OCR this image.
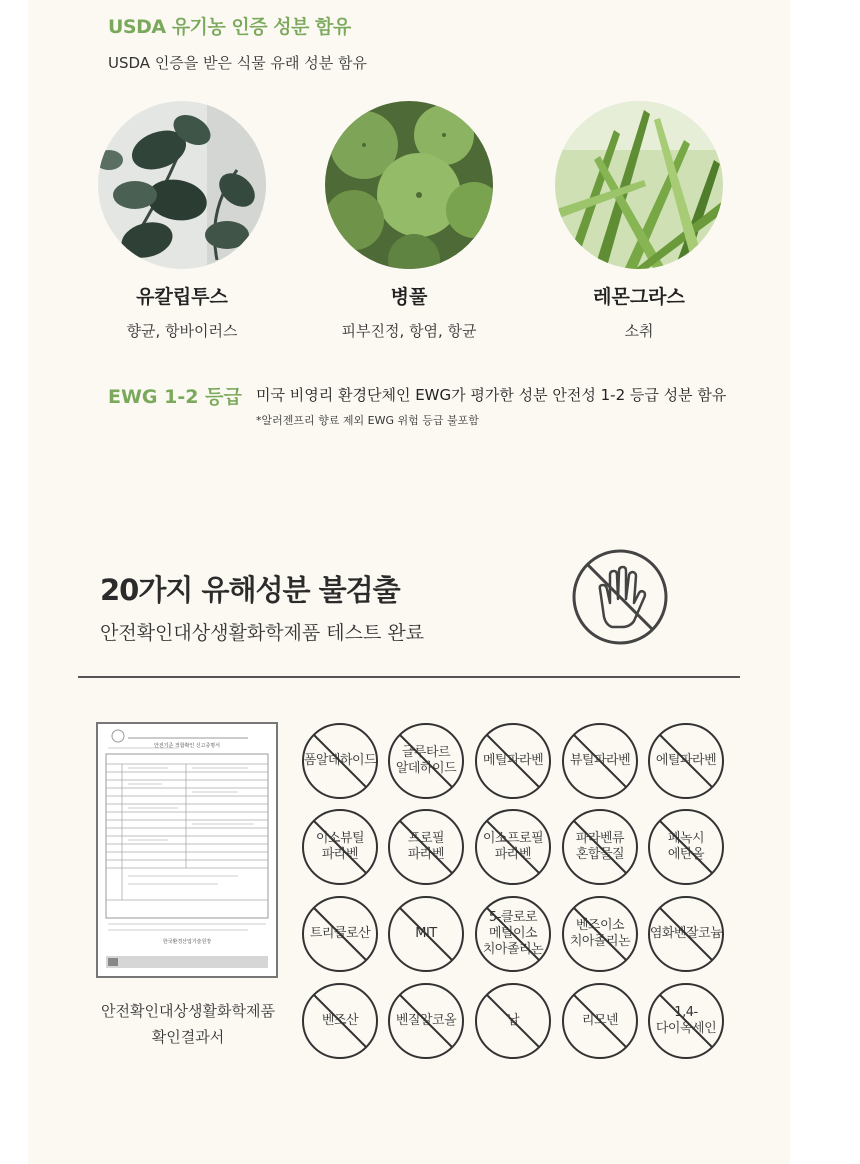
USDA 유기농 인증 성분 함유
USDA 인증을 받은 식물 유래 성분 함유
유칼립투스
향균, 항바이러스
병풀
피부진정, 항염, 항균
레몬그라스
소취
EWG 1-2 등급 미국 비영리 환경단체인 EWG가 평가한 성분 안전성 1-2 등급 성분 함유
*알러젠프리 향료 제외 EWG 위험 등급 불포함
20가지 유해성분 불검출
안전확인대상생활화학제품 테스트 완료
안전기준 적합확인 신고증명서
한국환경산업기술원장
안전확인대상생활화학제품
확인결과서
폼알데하이드
글루타르
알데하이드
메틸파라벤	뷰틸파라벤	에틸파라벤
이소뷰틸
파라벤
프로필
파라벤
이소프로필
파라벤
파라벤류
혼합물질
페녹시
에탄올
트리클로산	MIT
5-클로로
메틸이소
치아졸리논
벤즈이소
치아졸리논
염화벤잘코늄
벤조산	벤질알코올	납	리모넨
1,4-
다이옥세인
